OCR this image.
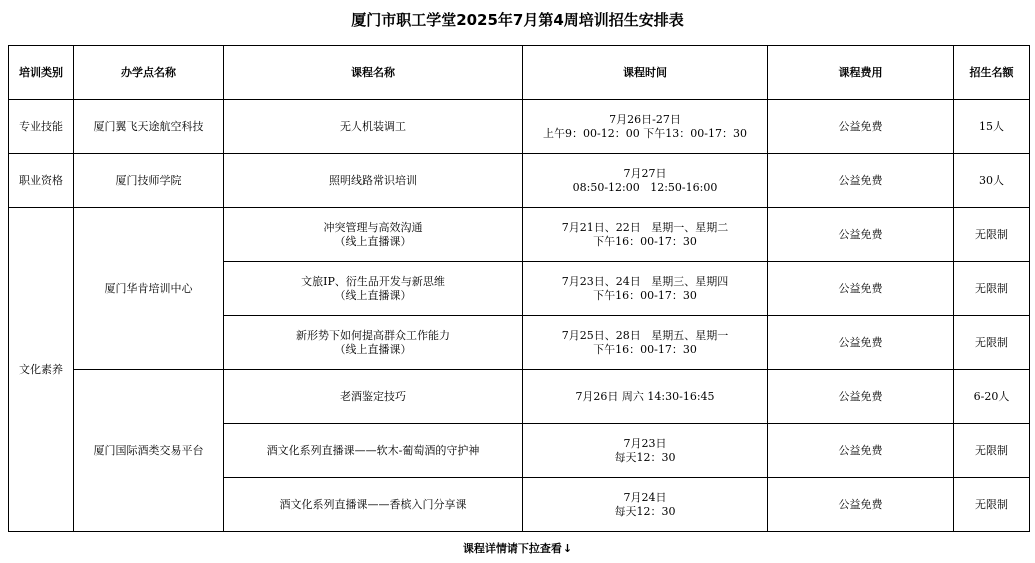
厦门市职工学堂2025年7月第4周培训招生安排表
培训类别	办学点名称	课程名称	课程时间	课程费用	招生名额
专业技能	厦门翼飞天途航空科技	无人机装调工	7月26日-27日
上午9：00-12：00 下午13：00-17：30	公益免费	15人
职业资格	厦门技师学院	照明线路常识培训	7月27日
08:50-12:00   12:50-16:00	公益免费	30人
文化素养	厦门华肯培训中心	冲突管理与高效沟通
（线上直播课）	7月21日、22日   星期一、星期二
下午16：00-17：30	公益免费	无限制

		文旅IP、衍生品开发与新思维
（线上直播课）	7月23日、24日   星期三、星期四
下午16：00-17：30	公益免费	无限制

		新形势下如何提高群众工作能力
（线上直播课）	7月25日、28日   星期五、星期一
下午16：00-17：30	公益免费	无限制
	厦门国际酒类交易平台	老酒鉴定技巧	7月26日 周六 14:30-16:45	公益免费	6-20人

		酒文化系列直播课——软木-葡萄酒的守护神	7月23日
每天12：30	公益免费	无限制

		酒文化系列直播课——香槟入门分享课	7月24日
每天12：30	公益免费	无限制
课程详情请下拉查看↓
